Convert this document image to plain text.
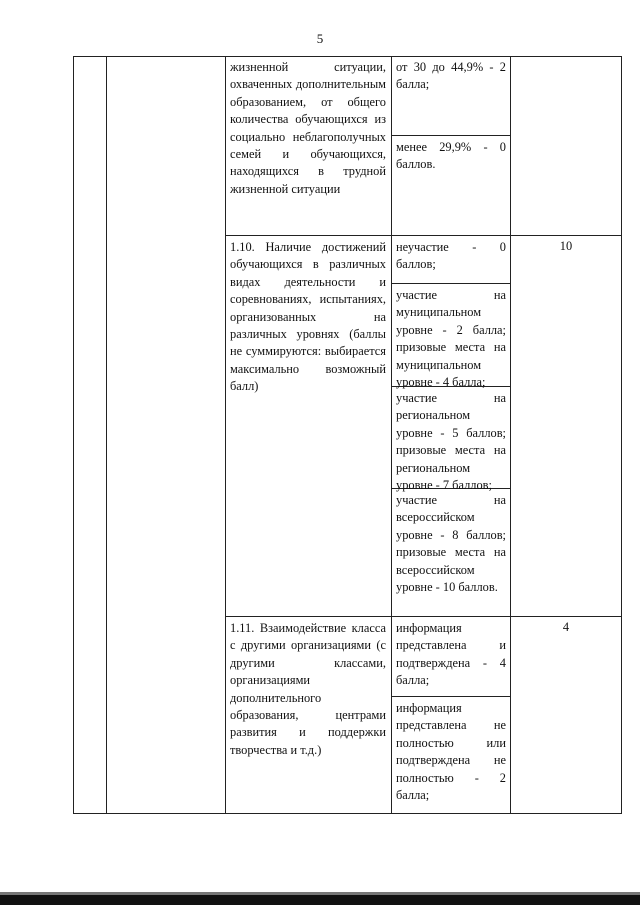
5
жизненной ситуации, охваченных дополнительным образованием, от общего количества обучающихся из социально неблагополучных семей и обучающихся, находящихся в трудной жизненной ситуации
от 30 до 44,9% - 2 балла;
менее 29,9% - 0 баллов.
1.10. Наличие достижений обучающихся в различных видах деятельности и соревнованиях, испытаниях, организованных на различных уровнях (баллы не суммируются: выбирается максимально возможный балл)
неучастие - 0 баллов;
участие на муниципальном уровне - 2 балла; призовые места на муниципальном уровне - 4 балла;
участие на региональном уровне - 5 баллов; призовые места на региональном уровне - 7 баллов;
участие на всероссийском уровне - 8 баллов; призовые места на всероссийском уровне - 10 баллов.
10
1.11. Взаимодействие класса с другими организациями (с другими классами, организациями дополнительного образования, центрами развития и поддержки творчества и т.д.)
информация представлена и подтверждена - 4 балла;
информация представлена не полностью или подтверждена не полностью - 2 балла;
4
